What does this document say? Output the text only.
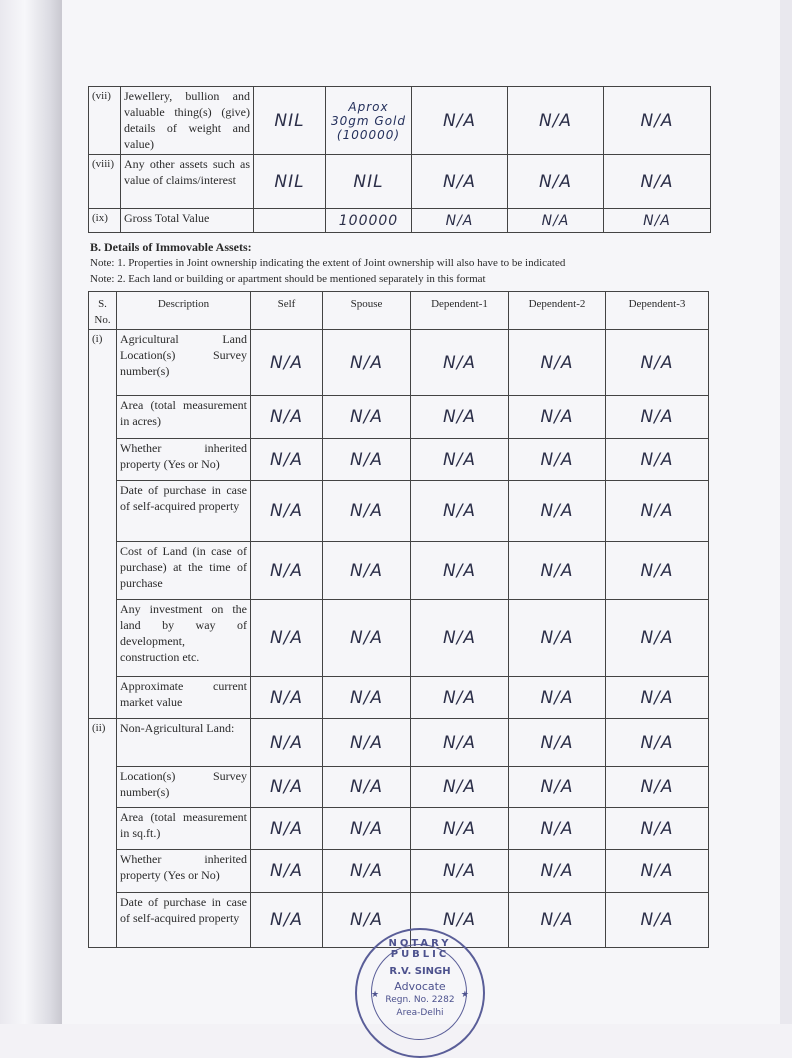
(vii)	Jewellery, bullion and valuable thing(s) (give) details of weight and value)	NIL	Aprox 30gm Gold (100000)	N/A	N/A	N/A
(viii)	Any other assets such as value of claims/interest	NIL	NIL	N/A	N/A	N/A
(ix)	Gross Total Value		100000	N/A	N/A	N/A
B. Details of Immovable Assets:
Note: 1. Properties in Joint ownership indicating the extent of Joint ownership will also have to be indicated
Note: 2. Each land or building or apartment should be mentioned separately in this format
S. No.	Description	Self	Spouse	Dependent-1	Dependent-2	Dependent-3
(i)	Agricultural Land Location(s) Survey number(s)	N/A	N/A	N/A	N/A	N/A
	Area (total measurement in acres)	N/A	N/A	N/A	N/A	N/A
	Whether inherited property (Yes or No)	N/A	N/A	N/A	N/A	N/A
	Date of purchase in case of self-acquired property	N/A	N/A	N/A	N/A	N/A
	Cost of Land (in case of purchase) at the time of purchase	N/A	N/A	N/A	N/A	N/A
	Any investment on the land by way of development, construction etc.	N/A	N/A	N/A	N/A	N/A
	Approximate current market value	N/A	N/A	N/A	N/A	N/A
(ii)	Non-Agricultural Land:	N/A	N/A	N/A	N/A	N/A
	Location(s) Survey number(s)	N/A	N/A	N/A	N/A	N/A
	Area (total measurement in sq.ft.)	N/A	N/A	N/A	N/A	N/A
	Whether inherited property (Yes or No)	N/A	N/A	N/A	N/A	N/A
	Date of purchase in case of self-acquired property	N/A	N/A	N/A	N/A	N/A
NOTARY PUBLIC
R.V. SINGH
Advocate
Regn. No. 2282
Area-Delhi
★	★
